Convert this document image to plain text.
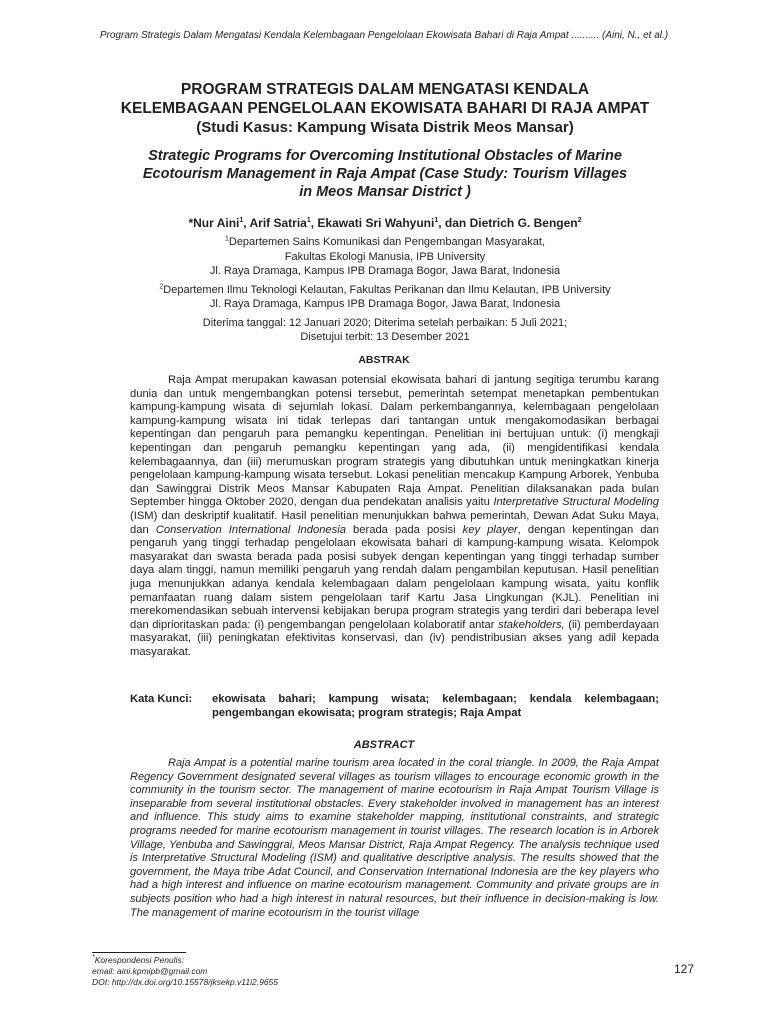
Program Strategis Dalam Mengatasi Kendala Kelembagaan Pengelolaan Ekowisata Bahari di Raja Ampat .......... (Aini, N., et al.)

PROGRAM STRATEGIS DALAM MENGATASI KENDALA
KELEMBAGAAN PENGELOLAAN EKOWISATA BAHARI DI RAJA AMPAT

(Studi Kasus: Kampung Wisata Distrik Meos Mansar)

Strategic Programs for Overcoming Institutional Obstacles of Marine
Ecotourism Management in Raja Ampat (Case Study: Tourism Villages
in Meos Mansar District )

*Nur Aini$^1$, Arif Satria$^1$, Ekawati Sri Wahyuni$^1$, dan Dietrich G. Bengen$^2$

$^1$Departemen Sains Komunikasi dan Pengembangan Masyarakat,
Fakultas Ekologi Manusia, IPB University
Jl. Raya Dramaga, Kampus IPB Dramaga Bogor, Jawa Barat, Indonesia

$^2$Departemen Ilmu Teknologi Kelautan, Fakultas Perikanan dan Ilmu Kelautan, IPB University
Jl. Raya Dramaga, Kampus IPB Dramaga Bogor, Jawa Barat, Indonesia

Diterima tanggal: 12 Januari 2020; Diterima setelah perbaikan: 5 Juli 2021;
Disetujui terbit: 13 Desember 2021

ABSTRAK

Raja Ampat merupakan kawasan potensial ekowisata bahari di jantung segitiga terumbu karang dunia dan untuk mengembangkan potensi tersebut, pemerintah setempat menetapkan pembentukan kampung-kampung wisata di sejumlah lokasi. Dalam perkembangannya, kelembagaan pengelolaan kampung-kampung wisata ini tidak terlepas dari tantangan untuk mengakomodasikan berbagai kepentingan dan pengaruh para pemangku kepentingan. Penelitian ini bertujuan untuk: (i) mengkaji kepentingan dan pengaruh pemangku kepentingan yang ada, (ii) mengidentifikasi kendala kelembagaannya, dan (iii) merumuskan program strategis yang dibutuhkan untuk meningkatkan kinerja pengelolaan kampung-kampung wisata tersebut. Lokasi penelitian mencakup Kampung Arborek, Yenbuba dan Sawinggrai Distrik Meos Mansar Kabupaten Raja Ampat. Penelitian dilaksanakan pada bulan September hingga Oktober 2020, dengan dua pendekatan analisis yaitu Interpretative Structural Modeling (ISM) dan deskriptif kualitatif. Hasil penelitian menunjukkan bahwa pemerintah, Dewan Adat Suku Maya, dan Conservation International Indonesia berada pada posisi key player, dengan kepentingan dan pengaruh yang tinggi terhadap pengelolaan ekowisata bahari di kampung-kampung wisata. Kelompok masyarakat dan swasta berada pada posisi subyek dengan kepentingan yang tinggi terhadap sumber daya alam tinggi, namun memiliki pengaruh yang rendah dalam pengambilan keputusan. Hasil penelitian juga menunjukkan adanya kendala kelembagaan dalam pengelolaan kampung wisata, yaitu konflik pemanfaatan ruang dalam sistem pengelolaan tarif Kartu Jasa Lingkungan (KJL). Penelitian ini merekomendasikan sebuah intervensi kebijakan berupa program strategis yang terdiri dari beberapa level dan diprioritaskan pada: (i) pengembangan pengelolaan kolaboratif antar stakeholders, (ii) pemberdayaan masyarakat, (iii) peningkatan efektivitas konservasi, dan (iv) pendistribusian akses yang adil kepada masyarakat.

Kata Kunci:	ekowisata bahari; kampung wisata; kelembagaan; kendala kelembagaan; pengembangan ekowisata; program strategis; Raja Ampat
ABSTRACT

Raja Ampat is a potential marine tourism area located in the coral triangle. In 2009, the Raja Ampat Regency Government designated several villages as tourism villages to encourage economic growth in the community in the tourism sector. The management of marine ecotourism in Raja Ampat Tourism Village is inseparable from several institutional obstacles. Every stakeholder involved in management has an interest and influence. This study aims to examine stakeholder mapping, institutional constraints, and strategic programs needed for marine ecotourism management in tourist villages. The research location is in Arborek Village, Yenbuba and Sawinggrai, Meos Mansar District, Raja Ampat Regency. The analysis technique used is Interpretative Structural Modeling (ISM) and qualitative descriptive analysis. The results showed that the government, the Maya tribe Adat Council, and Conservation International Indonesia are the key players who had a high interest and influence on marine ecotourism management. Community and private groups are in subjects position who had a high interest in natural resources, but their influence in decision-making is low. The management of marine ecotourism in the tourist village

*Korespondensi Penulis:
email: aini.kpmipb@gmail.com
DOI: http://dx.doi.org/10.15578/jksekp.v11i2.9655
127
